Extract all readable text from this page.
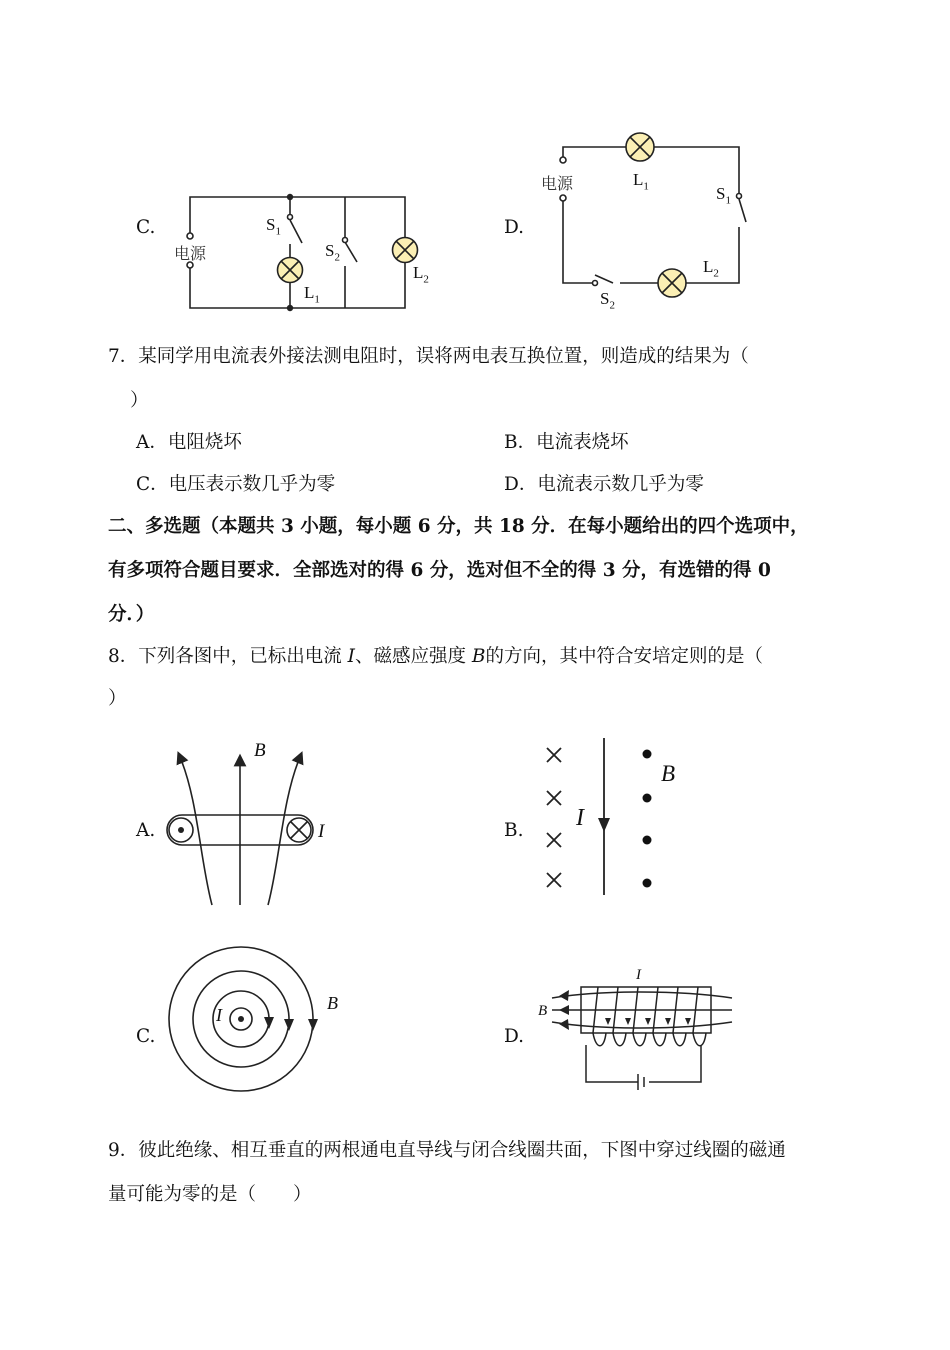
C.
电源
$S_1$
$S_2$
$L_1$
$L_2$
D.
电源	$L_1$	$S_1$
$L_2$
$S_2$
7．某同学用电流表外接法测电阻时，误将两电表互换位置，则造成的结果为（
）
A．电阻烧坏	B．电流表烧坏
C．电压表示数几乎为零	D．电流表示数几乎为零
二、多选题（本题共 3 小题，每小题 6 分，共 18 分．在每小题给出的四个选项中，
有多项符合题目要求．全部选对的得 6 分，选对但不全的得 3 分，有选错的得 0
分．）
8．下列各图中，已标出电流 I、磁感应强度 B的方向，其中符合安培定则的是（
）
A.
B
I	B.
B
I
C.
I
B
D.
I
B
9．彼此绝缘、相互垂直的两根通电直导线与闭合线圈共面，下图中穿过线圈的磁通
量可能为零的是（　　）
